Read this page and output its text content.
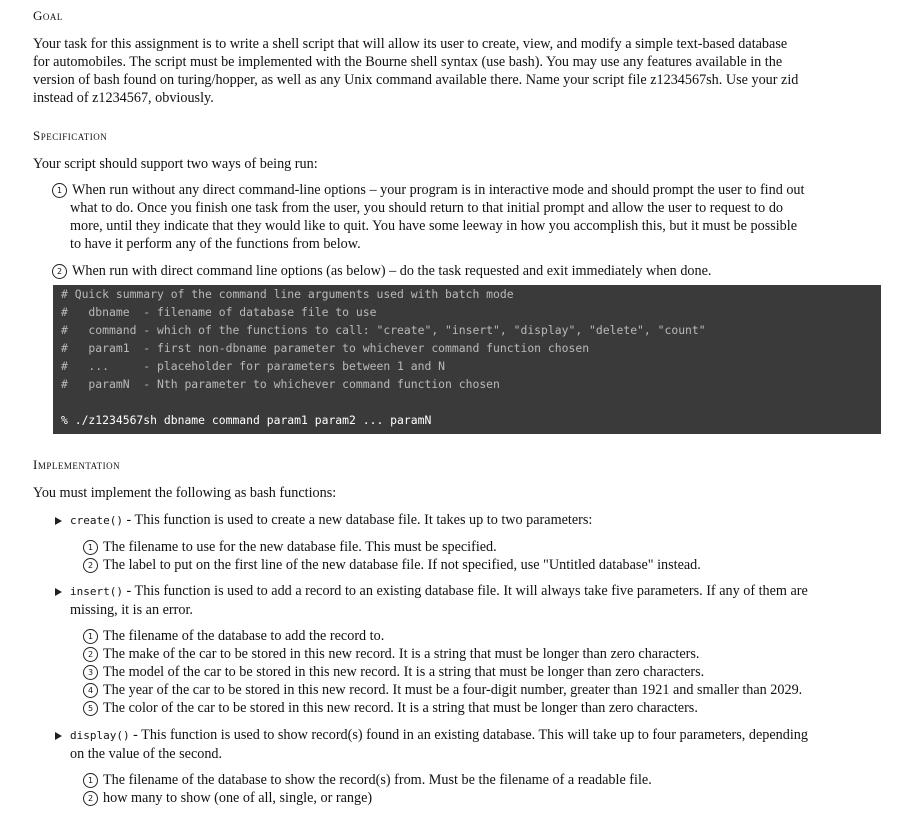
Goal
Your task for this assignment is to write a shell script that will allow its user to create, view, and modify a simple text-based database
for automobiles. The script must be implemented with the Bourne shell syntax (use bash). You may use any features available in the
version of bash found on turing/hopper, as well as any Unix command available there. Name your script file z1234567sh. Use your zid
instead of z1234567, obviously.
Specification
Your script should support two ways of being run:
1 When run without any direct command-line options – your program is in interactive mode and should prompt the user to find out
what to do. Once you finish one task from the user, you should return to that initial prompt and allow the user to request to do
more, until they indicate that they would like to quit. You have some leeway in how you accomplish this, but it must be possible
to have it perform any of the functions from below.
2 When run with direct command line options (as below) – do the task requested and exit immediately when done.
# Quick summary of the command line arguments used with batch mode
#   dbname  - filename of database file to use
#   command - which of the functions to call: "create", "insert", "display", "delete", "count"
#   param1  - first non-dbname parameter to whichever command function chosen
#   ...     - placeholder for parameters between 1 and N
#   paramN  - Nth parameter to whichever command function chosen
% ./z1234567sh dbname command param1 param2 ... paramN
Implementation
You must implement the following as bash functions:
create() - This function is used to create a new database file. It takes up to two parameters:
1 The filename to use for the new database file. This must be specified.
2 The label to put on the first line of the new database file. If not specified, use "Untitled database" instead.
insert() - This function is used to add a record to an existing database file. It will always take five parameters. If any of them are
missing, it is an error.
1 The filename of the database to add the record to.
2 The make of the car to be stored in this new record. It is a string that must be longer than zero characters.
3 The model of the car to be stored in this new record. It is a string that must be longer than zero characters.
4 The year of the car to be stored in this new record. It must be a four-digit number, greater than 1921 and smaller than 2029.
5 The color of the car to be stored in this new record. It is a string that must be longer than zero characters.
display() - This function is used to show record(s) found in an existing database. This will take up to four parameters, depending
on the value of the second.
1 The filename of the database to show the record(s) from. Must be the filename of a readable file.
2 how many to show (one of all, single, or range)
